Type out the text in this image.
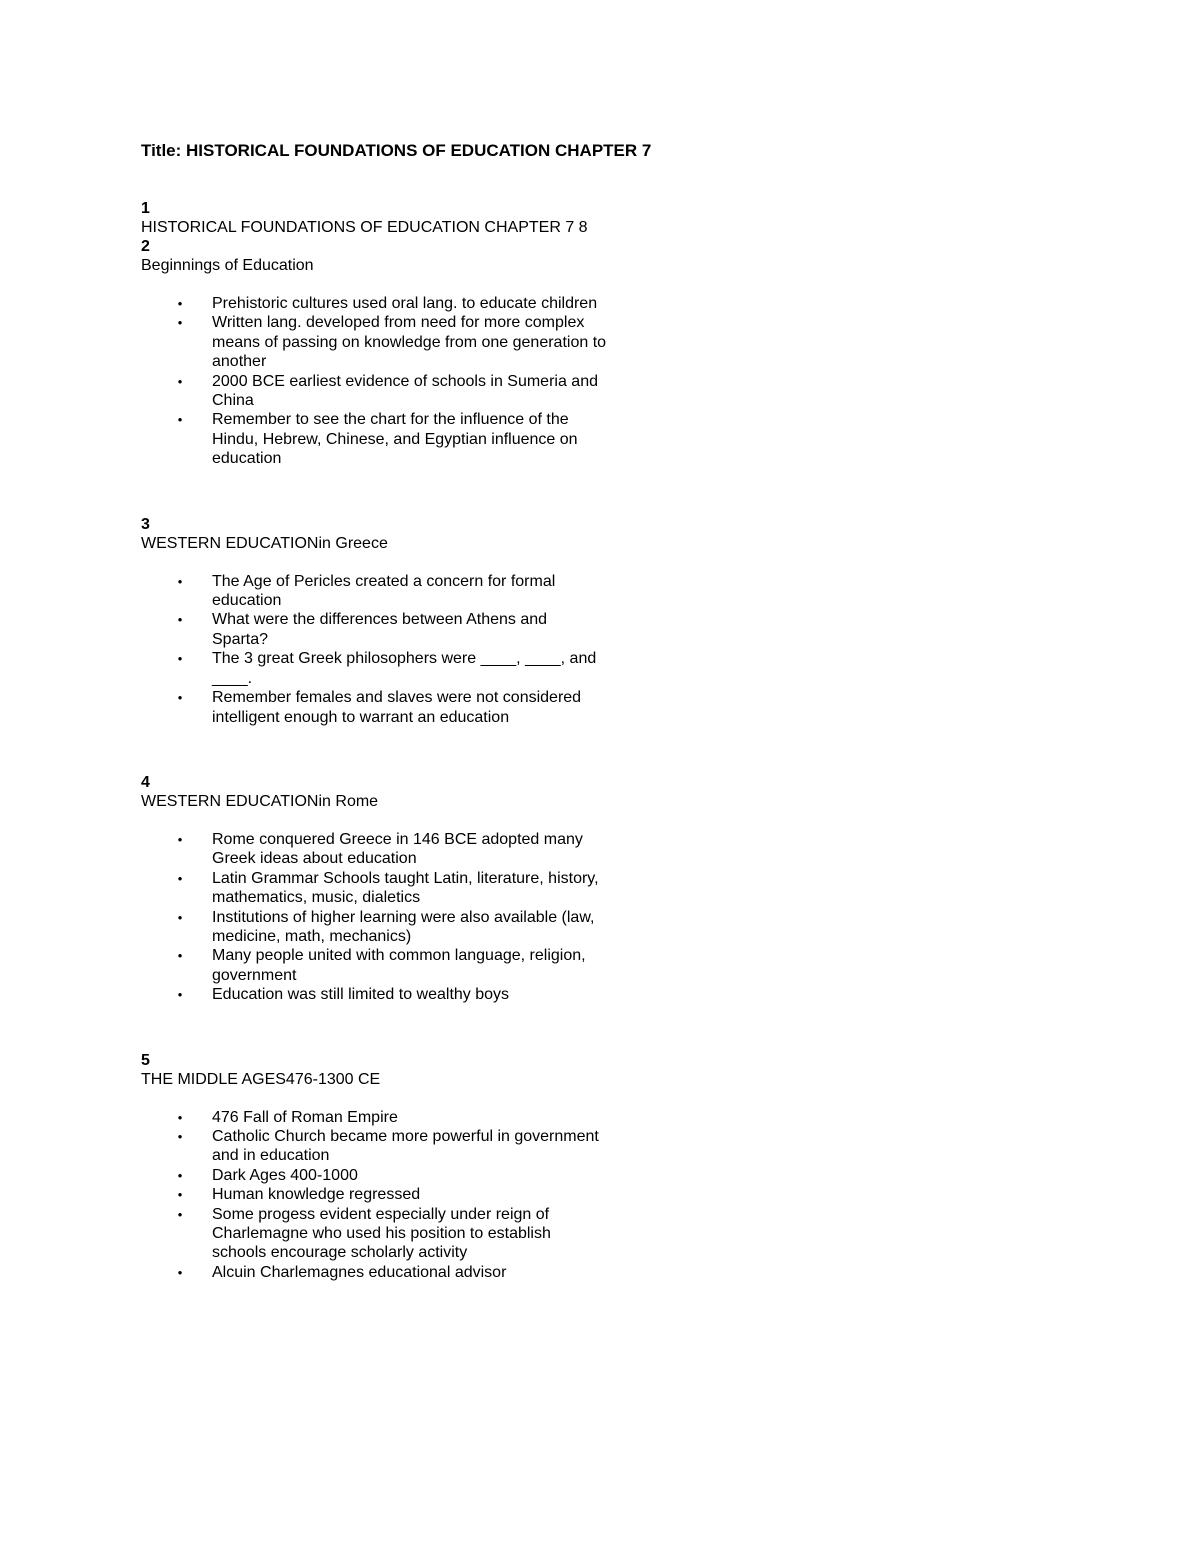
Title: HISTORICAL FOUNDATIONS OF EDUCATION CHAPTER 7

1

HISTORICAL FOUNDATIONS OF EDUCATION CHAPTER 7 8

2

Beginnings of Education

• Prehistoric cultures used oral lang. to educate children
• Written lang. developed from need for more complex means of passing on knowledge from one generation to another
• 2000 BCE earliest evidence of schools in Sumeria and China
• Remember to see the chart for the influence of the Hindu, Hebrew, Chinese, and Egyptian influence on education

3

WESTERN EDUCATIONin Greece

• The Age of Pericles created a concern for formal education
• What were the differences between Athens and Sparta?
• The 3 great Greek philosophers were ____, ____, and ____.
• Remember females and slaves were not considered intelligent enough to warrant an education

4

WESTERN EDUCATIONin Rome

• Rome conquered Greece in 146 BCE adopted many Greek ideas about education
• Latin Grammar Schools taught Latin, literature, history, mathematics, music, dialetics
• Institutions of higher learning were also available (law, medicine, math, mechanics)
• Many people united with common language, religion, government
• Education was still limited to wealthy boys

5

THE MIDDLE AGES476-1300 CE

• 476 Fall of Roman Empire
• Catholic Church became more powerful in government and in education
• Dark Ages 400-1000
• Human knowledge regressed
• Some progess evident especially under reign of Charlemagne who used his position to establish schools encourage scholarly activity
• Alcuin Charlemagnes educational advisor
